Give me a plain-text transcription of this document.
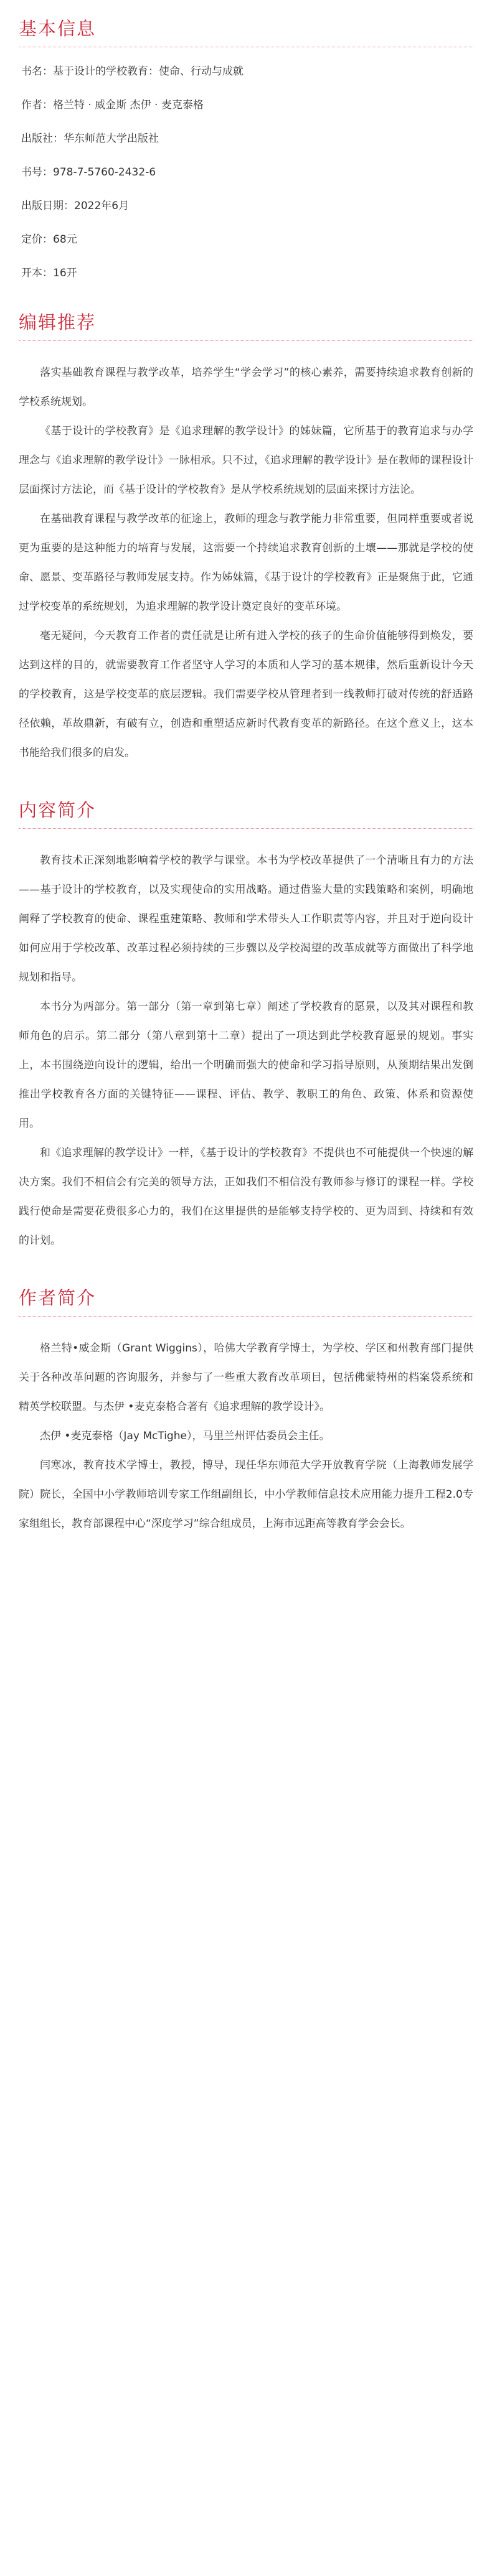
基本信息
书名：基于设计的学校教育：使命、行动与成就
作者：格兰特 · 威金斯 杰伊 · 麦克泰格
出版社：华东师范大学出版社
书号：978-7-5760-2432-6
出版日期：2022年6月
定价：68元
开本：16开
编辑推荐

落实基础教育课程与教学改革，培养学生“学会学习”的核心素养，需要持续追求教育创新的学校系统规划。

《基于设计的学校教育》是《追求理解的教学设计》的姊妹篇，它所基于的教育追求与办学理念与《追求理解的教学设计》一脉相承。只不过，《追求理解的教学设计》是在教师的课程设计层面探讨方法论，而《基于设计的学校教育》是从学校系统规划的层面来探讨方法论。

在基础教育课程与教学改革的征途上，教师的理念与教学能力非常重要，但同样重要或者说更为重要的是这种能力的培育与发展，这需要一个持续追求教育创新的土壤——那就是学校的使命、愿景、变革路径与教师发展支持。作为姊妹篇，《基于设计的学校教育》正是聚焦于此，它通过学校变革的系统规划，为追求理解的教学设计奠定良好的变革环境。

毫无疑问，今天教育工作者的责任就是让所有进入学校的孩子的生命价值能够得到焕发，要达到这样的目的，就需要教育工作者坚守人学习的本质和人学习的基本规律，然后重新设计今天的学校教育，这是学校变革的底层逻辑。我们需要学校从管理者到一线教师打破对传统的舒适路径依赖，革故鼎新，有破有立，创造和重塑适应新时代教育变革的新路径。在这个意义上，这本书能给我们很多的启发。

内容简介

教育技术正深刻地影响着学校的教学与课堂。本书为学校改革提供了一个清晰且有力的方法——基于设计的学校教育，以及实现使命的实用战略。通过借鉴大量的实践策略和案例，明确地阐释了学校教育的使命、课程重建策略、教师和学术带头人工作职责等内容，并且对于逆向设计如何应用于学校改革、改革过程必须持续的三步骤以及学校渴望的改革成就等方面做出了科学地规划和指导。

本书分为两部分。第一部分（第一章到第七章）阐述了学校教育的愿景，以及其对课程和教师角色的启示。第二部分（第八章到第十二章）提出了一项达到此学校教育愿景的规划。事实上，本书围绕逆向设计的逻辑，给出一个明确而强大的使命和学习指导原则，从预期结果出发倒推出学校教育各方面的关键特征——课程、评估、教学、教职工的角色、政策、体系和资源使用。

和《追求理解的教学设计》一样，《基于设计的学校教育》不提供也不可能提供一个快速的解决方案。我们不相信会有完美的领导方法，正如我们不相信没有教师参与修订的课程一样。学校践行使命是需要花费很多心力的，我们在这里提供的是能够支持学校的、更为周到、持续和有效的计划。

作者简介

格兰特•威金斯（Grant Wiggins），哈佛大学教育学博士，为学校、学区和州教育部门提供关于各种改革问题的咨询服务，并参与了一些重大教育改革项目，包括佛蒙特州的档案袋系统和精英学校联盟。与杰伊 •麦克泰格合著有《追求理解的教学设计》。

杰伊 •麦克泰格（Jay McTighe），马里兰州评估委员会主任。

闫寒冰，教育技术学博士，教授，博导，现任华东师范大学开放教育学院（上海教师发展学院）院长，全国中小学教师培训专家工作组副组长，中小学教师信息技术应用能力提升工程2.0专家组组长，教育部课程中心“深度学习”综合组成员，上海市远距高等教育学会会长。
